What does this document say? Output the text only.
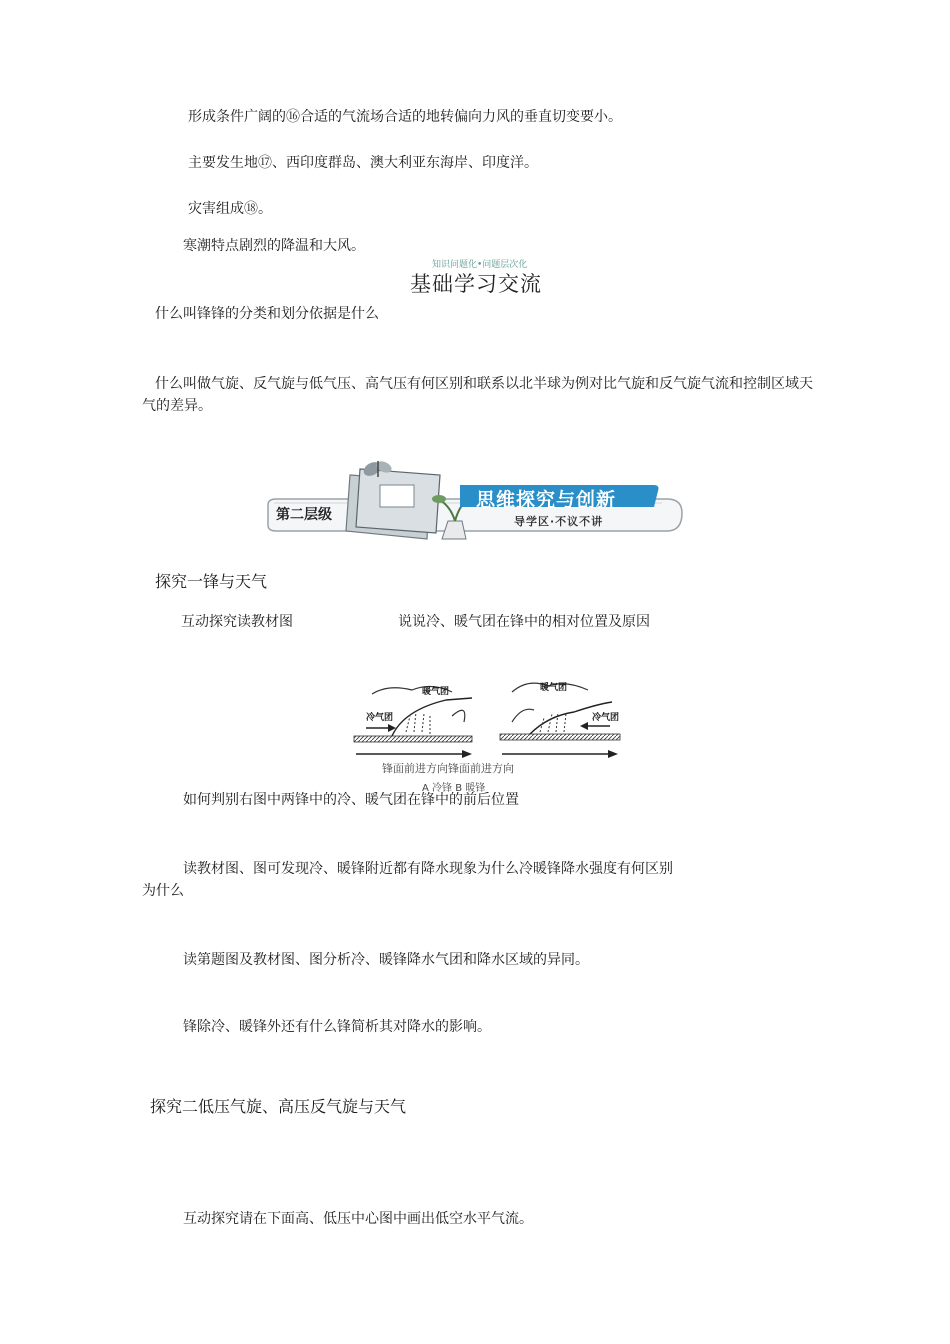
形成条件广阔的⑯合适的气流场合适的地转偏向力风的垂直切变要小。
主要发生地⑰、西印度群岛、澳大利亚东海岸、印度洋。
灾害组成⑱。
寒潮特点剧烈的降温和大风。
知识问题化•问题层次化
基础学习交流
什么叫锋锋的分类和划分依据是什么
什么叫做气旋、反气旋与低气压、高气压有何区别和联系以北半球为例对比气旋和反气旋气流和控制区域天
气的差异。
第二层级
思维探究与创新
导学区·不议不讲
探究一锋与天气
互动探究读教材图	说说冷、暖气团在锋中的相对位置及原因
冷气团
暖气团	暖气团
冷气团
锋面前进方向锋面前进方向
A 冷锋 B 暖锋
如何判别右图中两锋中的冷、暖气团在锋中的前后位置
读教材图、图可发现冷、暖锋附近都有降水现象为什么冷暖锋降水强度有何区别
为什么
读第题图及教材图、图分析冷、暖锋降水气团和降水区域的异同。
锋除冷、暖锋外还有什么锋简析其对降水的影响。
探究二低压气旋、高压反气旋与天气
互动探究请在下面高、低压中心图中画出低空水平气流。
